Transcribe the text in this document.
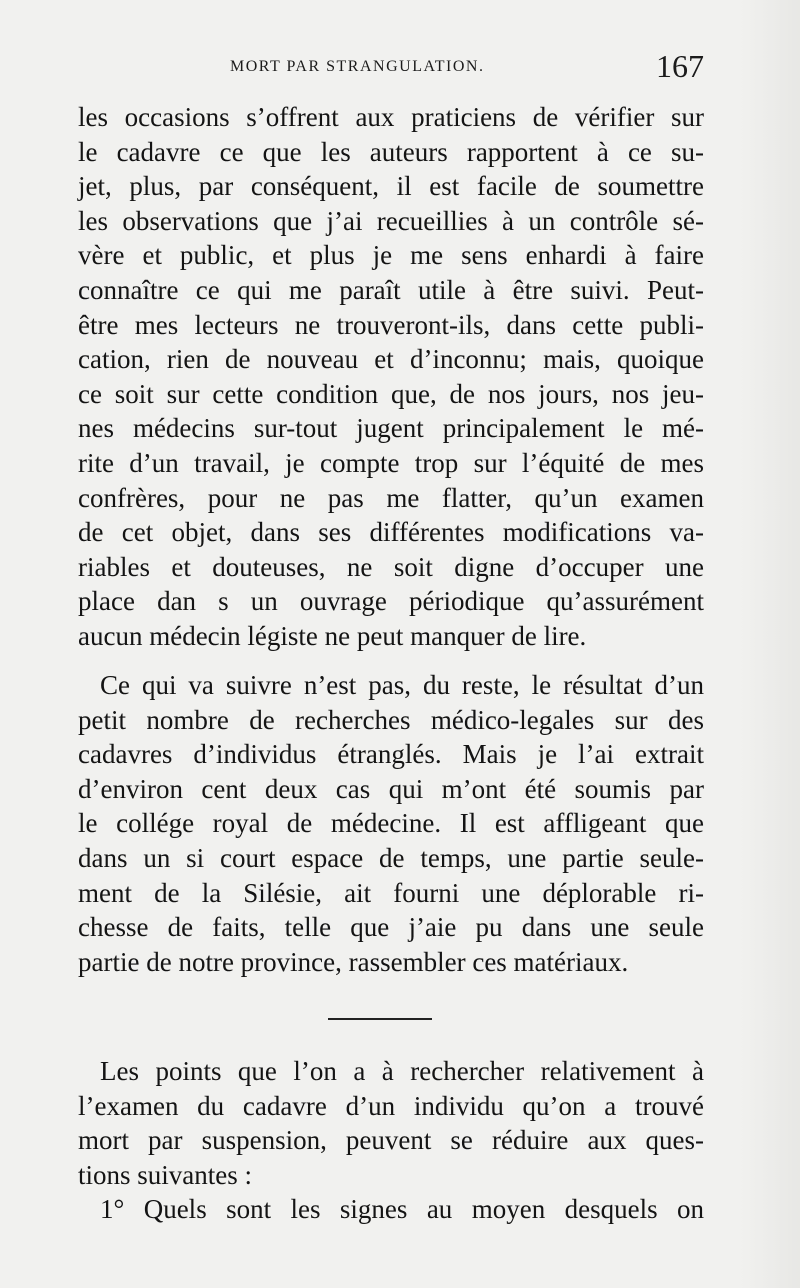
MORT PAR STRANGULATION.	167
les occasions s’offrent aux praticiens de vérifier sur
le cadavre ce que les auteurs rapportent à ce su-
jet, plus, par conséquent, il est facile de soumettre
les observations que j’ai recueillies à un contrôle sé-
vère et public, et plus je me sens enhardi à faire
connaître ce qui me paraît utile à être suivi. Peut-
être mes lecteurs ne trouveront-ils, dans cette publi-
cation, rien de nouveau et d’inconnu; mais, quoique
ce soit sur cette condition que, de nos jours, nos jeu-
nes médecins sur-tout jugent principalement le mé-
rite d’un travail, je compte trop sur l’équité de mes
confrères, pour ne pas me flatter, qu’un examen
de cet objet, dans ses différentes modifications va-
riables et douteuses, ne soit digne d’occuper une
place dan s un ouvrage périodique qu’assurément
aucun médecin légiste ne peut manquer de lire.
Ce qui va suivre n’est pas, du reste, le résultat d’un
petit nombre de recherches médico-legales sur des
cadavres d’individus étranglés. Mais je l’ai extrait
d’environ cent deux cas qui m’ont été soumis par
le collége royal de médecine. Il est affligeant que
dans un si court espace de temps, une partie seule-
ment de la Silésie, ait fourni une déplorable ri-
chesse de faits, telle que j’aie pu dans une seule
partie de notre province, rassembler ces matériaux.
Les points que l’on a à rechercher relativement à
l’examen du cadavre d’un individu qu’on a trouvé
mort par suspension, peuvent se réduire aux ques-
tions suivantes :
1° Quels sont les signes au moyen desquels on
